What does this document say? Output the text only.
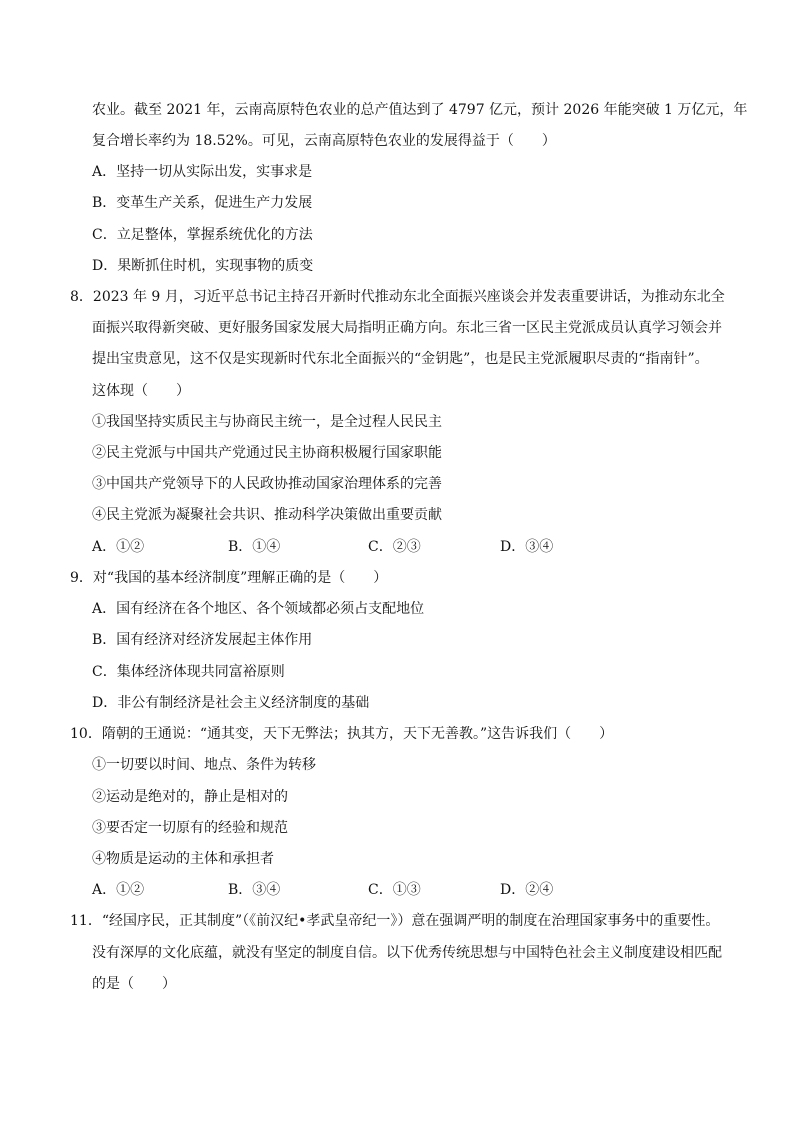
农业。截至 2021 年，云南高原特色农业的总产值达到了 4797 亿元，预计 2026 年能突破 1 万亿元，年
复合增长率约为 18.52%。可见，云南高原特色农业的发展得益于（　　）
A．坚持一切从实际出发，实事求是
B．变革生产关系，促进生产力发展
C．立足整体，掌握系统优化的方法
D．果断抓住时机，实现事物的质变
8．2023 年 9 月，习近平总书记主持召开新时代推动东北全面振兴座谈会并发表重要讲话，为推动东北全
面振兴取得新突破、更好服务国家发展大局指明正确方向。东北三省一区民主党派成员认真学习领会并
提出宝贵意见，这不仅是实现新时代东北全面振兴的“金钥匙”，也是民主党派履职尽责的“指南针”。
这体现（　　）
①我国坚持实质民主与协商民主统一，是全过程人民民主
②民主党派与中国共产党通过民主协商积极履行国家职能
③中国共产党领导下的人民政协推动国家治理体系的完善
④民主党派为凝聚社会共识、推动科学决策做出重要贡献
A．①②	B．①④	C．②③	D．③④
9．对“我国的基本经济制度”理解正确的是（　　）
A．国有经济在各个地区、各个领域都必须占支配地位
B．国有经济对经济发展起主体作用
C．集体经济体现共同富裕原则
D．非公有制经济是社会主义经济制度的基础
10．隋朝的王通说：“通其变，天下无弊法；执其方，天下无善教。”这告诉我们（　　）
①一切要以时间、地点、条件为转移
②运动是绝对的，静止是相对的
③要否定一切原有的经验和规范
④物质是运动的主体和承担者
A．①②	B．③④	C．①③	D．②④
11．“经国序民，正其制度”（《前汉纪•孝武皇帝纪一》）意在强调严明的制度在治理国家事务中的重要性。
没有深厚的文化底蕴，就没有坚定的制度自信。以下优秀传统思想与中国特色社会主义制度建设相匹配
的是（　　）
